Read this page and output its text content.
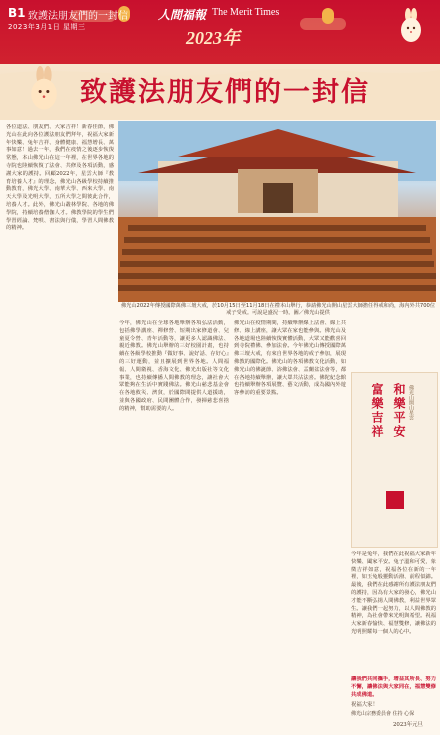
B1 致護法朋友們的一封信
2023年3月1日 星期三
人間福報 The Merit Times
2023年
致護法朋友們的一封信
各位道法、朋友們、大家吉祥！新春佳節，佛光山在此向各位護法朋友們拜年，祝福大家新年快樂、兔年吉祥、身體健康、福慧增長、萬事如意！過去一年，我們在疫情之後逐步恢復常態，本山佛光山在這一年裡，在世界各地的寺院也陸續恢復了法會、共修及各項活動，感謝大家的護持。回顧2022年，星雲大師『教育培養人才』的理念，佛光山各級學校持續推動教育，佛光大學、南華大學、西來大學、南天大學及光明大學，五所大學之間彼此合作，培養人才。此外，佛光山叢林學院、各地的佛學院，持續培養僧伽人才。佛教學院的學生們學習經論、梵唄、書法與行儀，學習人間佛教的精神。
佛光山2022年傳授國際萬佛三壇大戒，於10月15日至11月18日在禮本山舉行，恭請佛光山開山星雲大師擔任得戒和尚，海內外共700位戒子受戒。可說是盛況一時。圖／佛光山提供
今年，佛光山在全球各地舉辦各項弘法活動，包括佛學講座、禪修營、短期出家修道會、兒童夏令營、青年活動等，讓更多人認識佛法、親近佛教。佛光山舉辦的三好校園計畫，也持續在各級學校推動『做好事、說好話、存好心』的三好運動，並且擴展到世界各地。人間福報、人間衛視、香海文化、佛光出版社等文化事業，也持續傳播人間佛教的理念，讓社會大眾能夠在生活中實踐佛法。佛光山慈悲基金會在各地救災、濟貧，於國際間提供人道援助，並與各國政府、民間團體合作，發揮慈悲喜捨的精神，幫助需要的人。
佛光山在疫情期間，持續舉辦線上法會、線上共修、線上講座，讓大眾在家也能參與。佛光山及各地道場也陸續恢復實體活動，大眾又能歡喜回到寺院禮佛、參加法會。今年佛光山傳授國際萬佛三壇大戒，有來自世界各地的戒子參加，展現佛教的國際化。佛光山的各項佛教文化活動，如佛光山的佛誕節、浴佛法會、盂蘭盆法會等，都在各地持續舉辦，讓大眾共沾法喜。佛陀紀念館也持續舉辦各項展覽、藝文活動，成為國內外遊客參訪的重要景點。	和樂平安
富樂吉祥	佛光山開山星雲
今年是兔年，我們在此祝福大家新年快樂、闔家平安。兔子溫和可愛，象徵吉祥如意，祝福各位在新的一年裡，如玉兔般靈動活潑、前程似錦。最後，我們在此感謝所有護法朋友們的護持，因為有大家的發心，佛光山才能不斷弘揚人間佛教，利益世界眾生。讓我們一起努力，以人間佛教的精神，為社會帶來光明與希望。祝福大家新春愉快、福慧雙修，讓佛法的光明照耀每一個人的心中。
讓我們共同攜手，增益其所長、努力不懈，讓佛法與大家同在，福慧雙修共成佛道。
祝福大家！
佛光山宗務委員會 住持 心保
2023年元旦
